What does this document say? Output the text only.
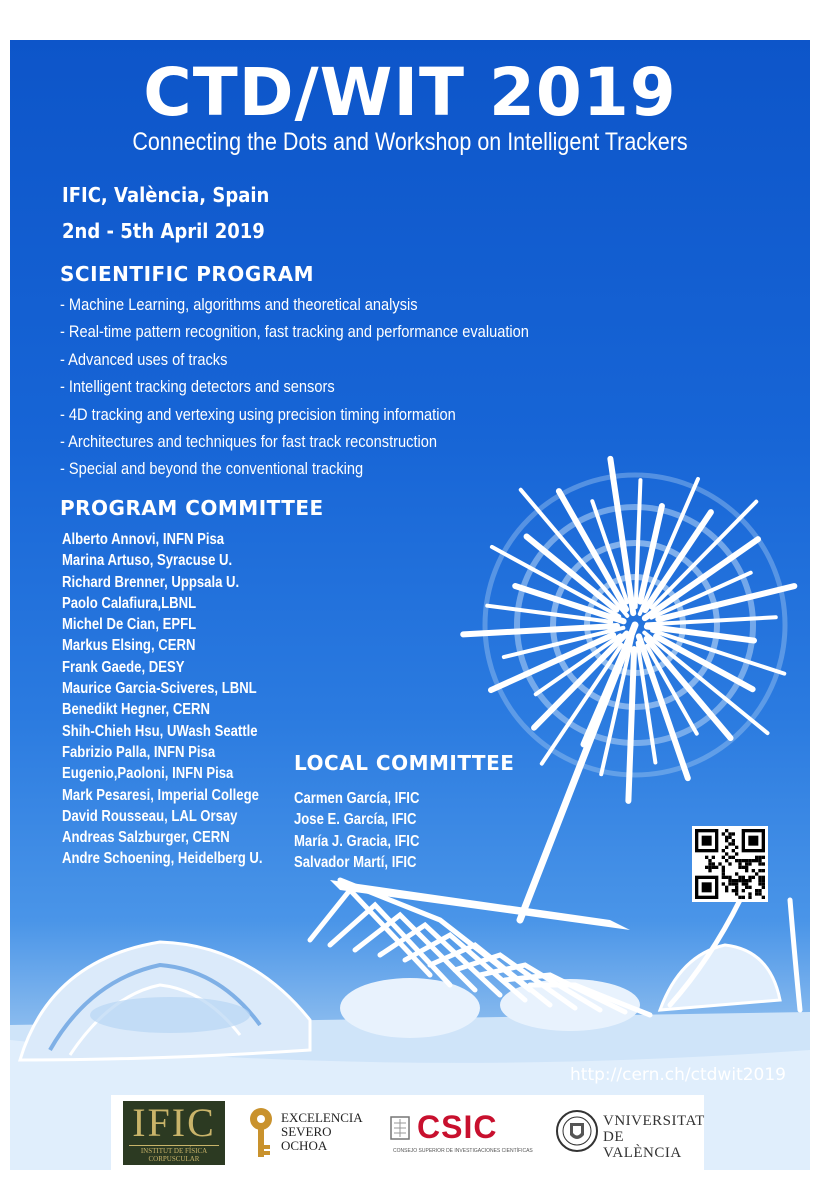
CTD/WIT 2019
Connecting the Dots and Workshop on Intelligent Trackers
IFIC, València, Spain
2nd - 5th April 2019
SCIENTIFIC PROGRAM
- Machine Learning, algorithms and theoretical analysis
- Real-time pattern recognition, fast tracking and performance evaluation
- Advanced uses of tracks
- Intelligent tracking detectors and sensors
- 4D tracking and vertexing using precision timing information
- Architectures and techniques for fast track reconstruction
- Special and beyond the conventional tracking
PROGRAM COMMITTEE
Alberto Annovi, INFN Pisa
Marina Artuso, Syracuse U.
Richard Brenner, Uppsala U.
Paolo Calafiura,LBNL
Michel De Cian, EPFL
Markus Elsing, CERN
Frank Gaede, DESY
Maurice Garcia-Sciveres, LBNL
Benedikt Hegner, CERN
Shih-Chieh Hsu, UWash Seattle
Fabrizio Palla, INFN Pisa
Eugenio,Paoloni, INFN Pisa
Mark Pesaresi, Imperial College
David Rousseau, LAL Orsay
Andreas Salzburger, CERN
Andre Schoening, Heidelberg U.
LOCAL COMMITTEE
Carmen García, IFIC
Jose E. García, IFIC
María J. Gracia, IFIC
Salvador Martí, IFIC
http://cern.ch/ctdwit2019
IFIC
INSTITUT DE FÍSICA CORPUSCULAR
EXCELENCIA
SEVERO
OCHOA
CSIC
CONSEJO SUPERIOR DE INVESTIGACIONES CIENTÍFICAS
VNIVERSITAT
DE VALÈNCIA
